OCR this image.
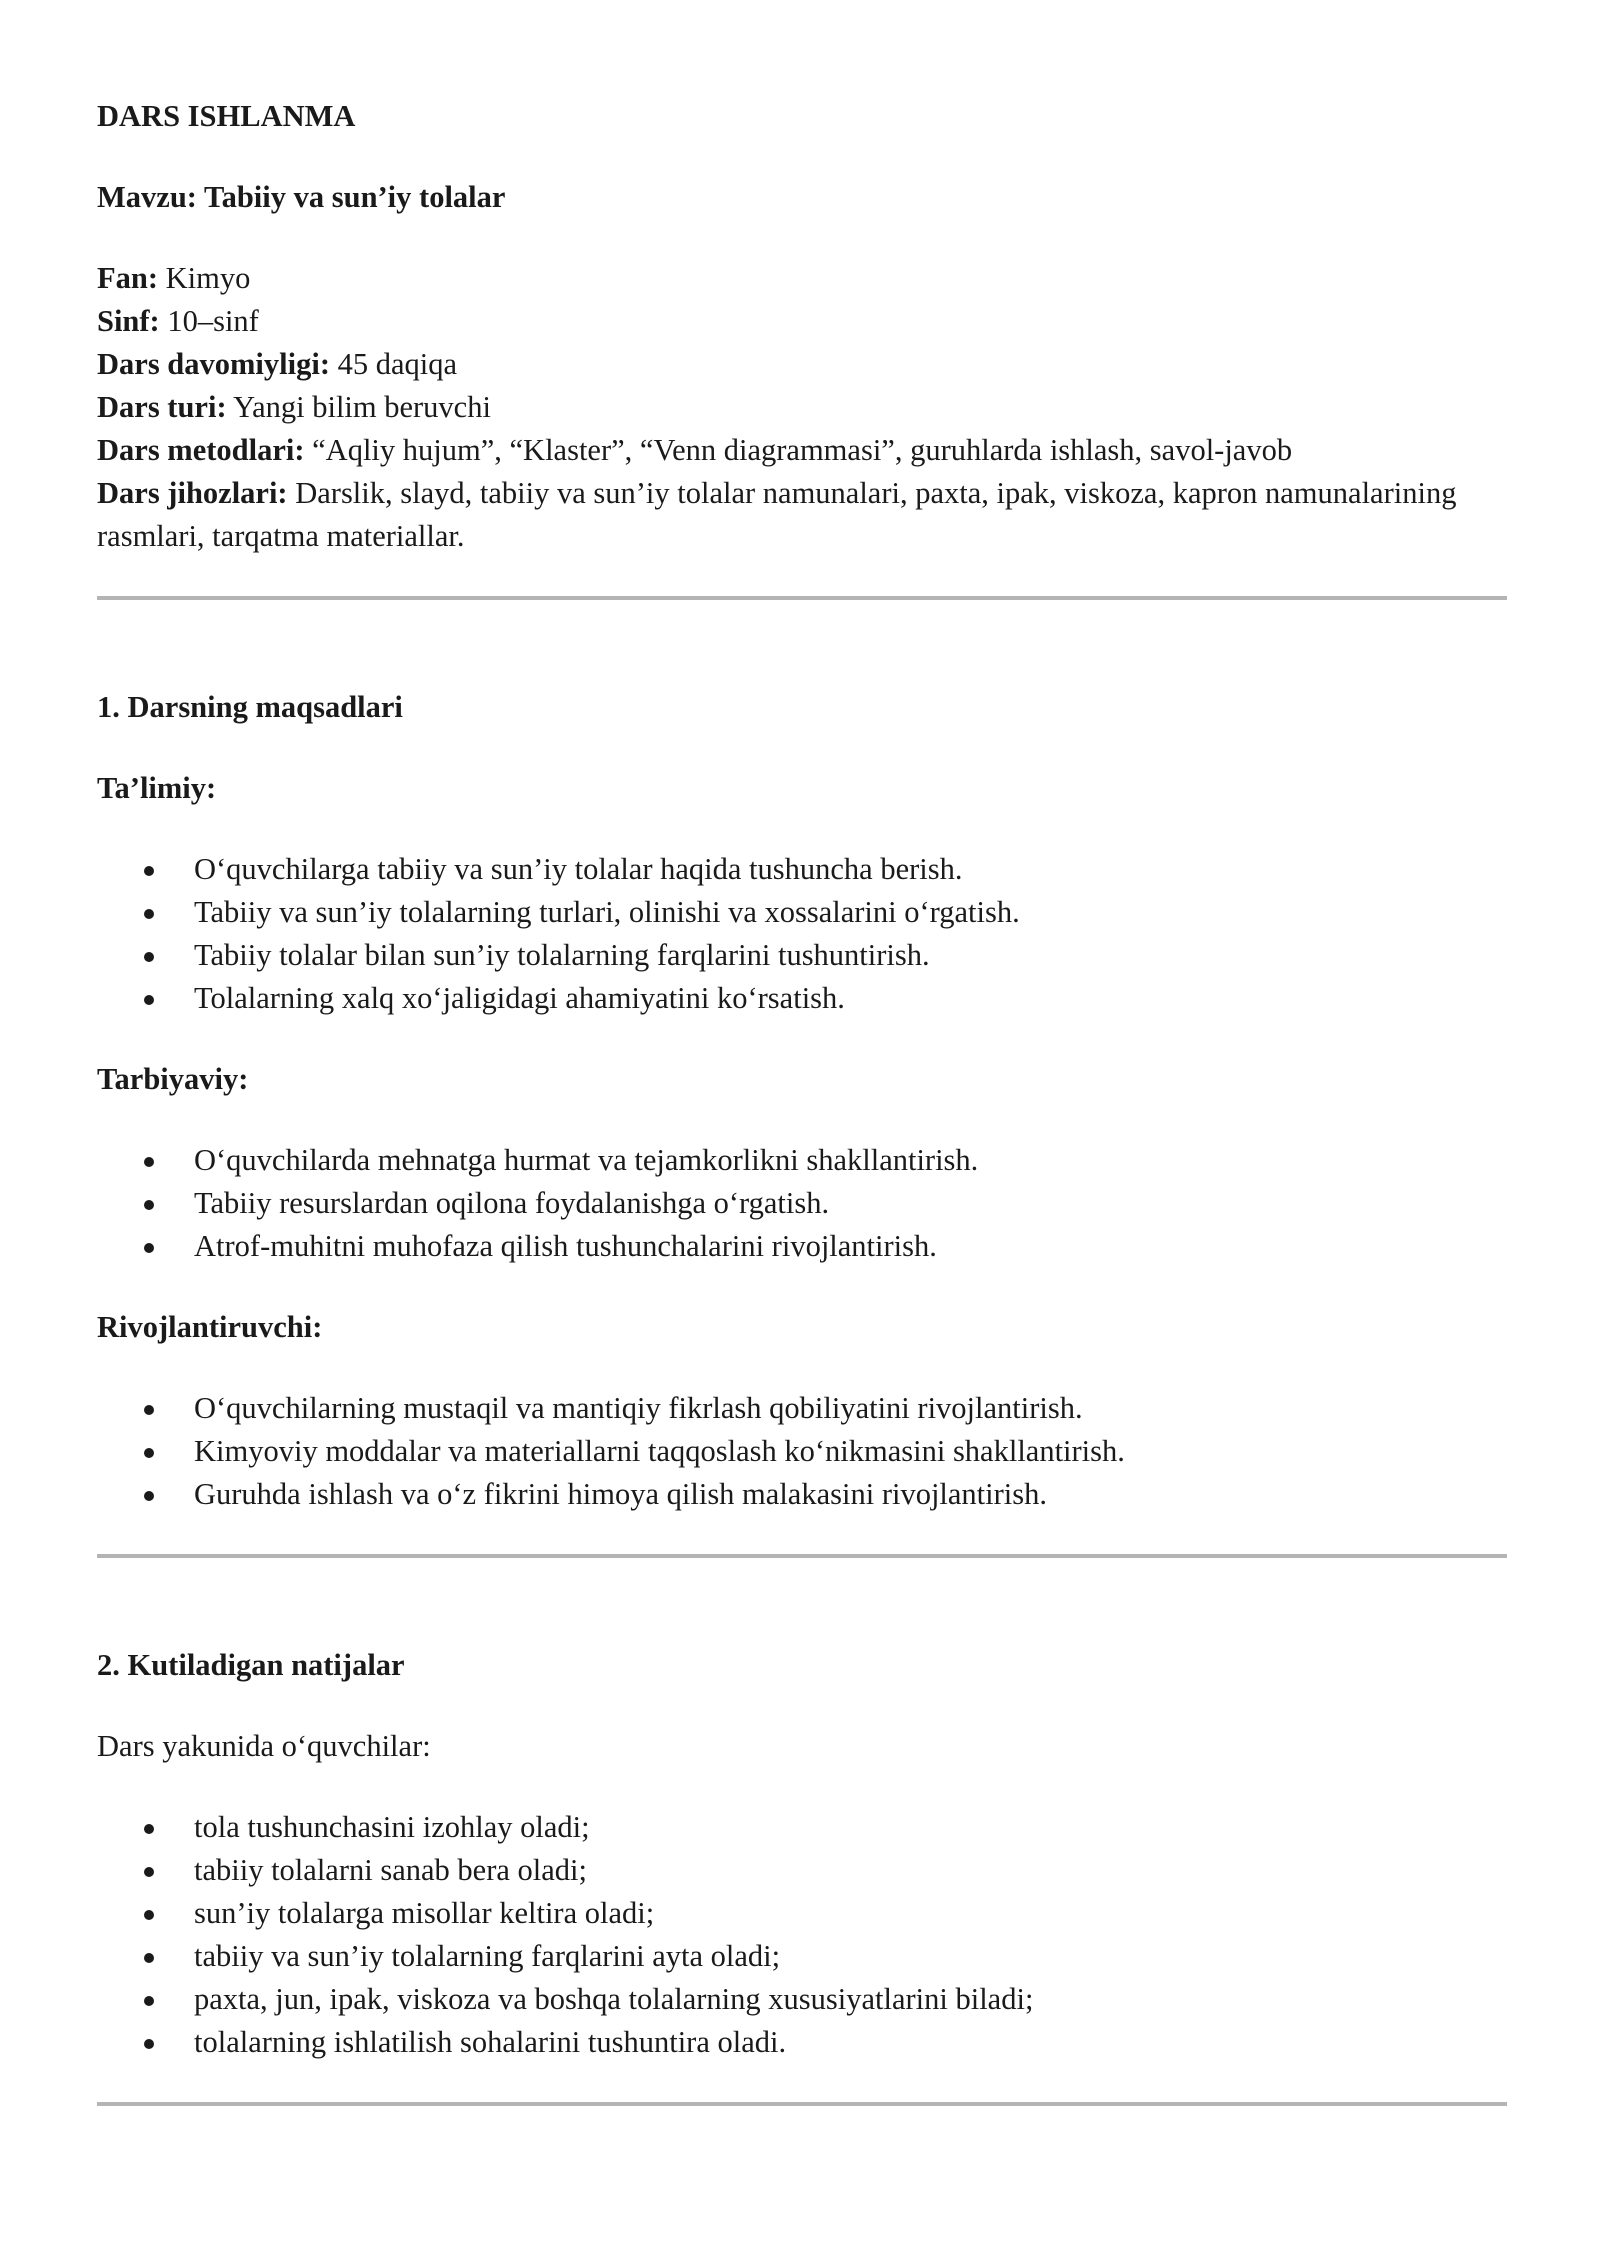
DARS ISHLANMA
Mavzu: Tabiiy va sun’iy tolalar

Fan: Kimyo

Sinf: 10–sinf

Dars davomiyligi: 45 daqiqa

Dars turi: Yangi bilim beruvchi

Dars metodlari: “Aqliy hujum”, “Klaster”, “Venn diagrammasi”, guruhlarda ishlash, savol-javob

Dars jihozlari: Darslik, slayd, tabiiy va sun’iy tolalar namunalari, paxta, ipak, viskoza, kapron namunalarining rasmlari, tarqatma materiallar.

1. Darsning maqsadlari
Ta’limiy:
O‘quvchilarga tabiiy va sun’iy tolalar haqida tushuncha berish.
Tabiiy va sun’iy tolalarning turlari, olinishi va xossalarini o‘rgatish.
Tabiiy tolalar bilan sun’iy tolalarning farqlarini tushuntirish.
Tolalarning xalq xo‘jaligidagi ahamiyatini ko‘rsatish.
Tarbiyaviy:
O‘quvchilarda mehnatga hurmat va tejamkorlikni shakllantirish.
Tabiiy resurslardan oqilona foydalanishga o‘rgatish.
Atrof-muhitni muhofaza qilish tushunchalarini rivojlantirish.
Rivojlantiruvchi:
O‘quvchilarning mustaqil va mantiqiy fikrlash qobiliyatini rivojlantirish.
Kimyoviy moddalar va materiallarni taqqoslash ko‘nikmasini shakllantirish.
Guruhda ishlash va o‘z fikrini himoya qilish malakasini rivojlantirish.
2. Kutiladigan natijalar
Dars yakunida o‘quvchilar:
tola tushunchasini izohlay oladi;
tabiiy tolalarni sanab bera oladi;
sun’iy tolalarga misollar keltira oladi;
tabiiy va sun’iy tolalarning farqlarini ayta oladi;
paxta, jun, ipak, viskoza va boshqa tolalarning xususiyatlarini biladi;
tolalarning ishlatilish sohalarini tushuntira oladi.
